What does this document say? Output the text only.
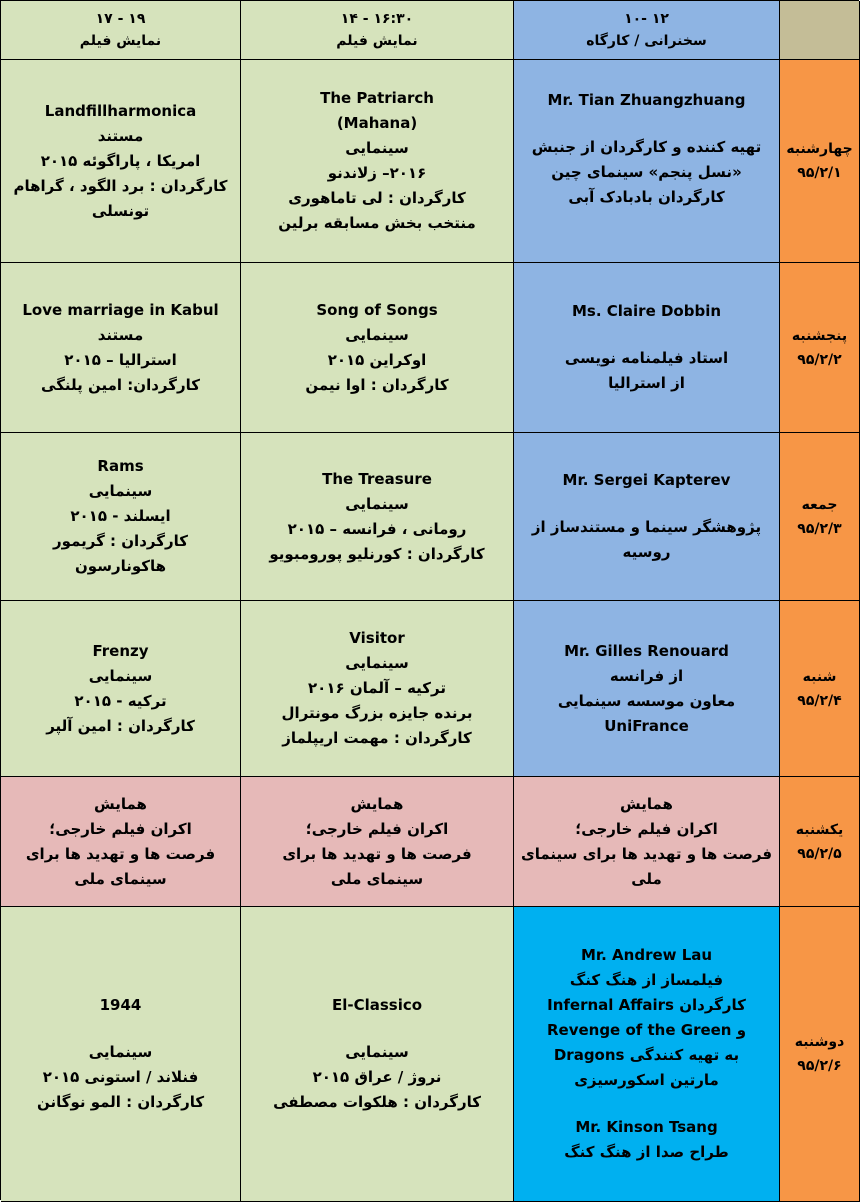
۱۹ - ۱۷
نمایش فیلم
۱۶:۳۰ - ۱۴
نمایش فیلم
۱۲ -۱۰
سخنرانی / کارگاه
Landfillharmonica
مستند
امریکا ، پاراگوئه ۲۰۱۵
کارگردان : برد الگود ، گراهام
تونسلی
The Patriarch
(Mahana)
سینمایی
۲۰۱۶– زلاندنو
کارگردان : لی تاماهوری
منتخب بخش مسابقه برلین
Mr. Tian Zhuangzhuang
تهیه کننده و کارگردان از جنبش
«نسل پنجم» سینمای چین
کارگردان بادبادک آبی
چهارشنبه
۹۵/۲/۱
Love marriage in Kabul
مستند
استرالیا – ۲۰۱۵
کارگردان: امین پلنگی
Song of Songs
سینمایی
اوکراین ۲۰۱۵
کارگردان : اوا نیمن
Ms. Claire Dobbin
استاد فیلمنامه نویسی
از استرالیا
پنجشنبه
۹۵/۲/۲
Rams
سینمایی
ایسلند - ۲۰۱۵
کارگردان : گریمور هاکونارسون
The Treasure
سینمایی
رومانی ، فرانسه – ۲۰۱۵
کارگردان : کورنلیو پورومبویو
Mr. Sergei Kapterev
پژوهشگر سینما و مستندساز از
روسیه
جمعه
۹۵/۲/۳
Frenzy
سینمایی
ترکیه - ۲۰۱۵
کارگردان : امین آلپر
Visitor
سینمایی
ترکیه – آلمان ۲۰۱۶
برنده جایزه بزرگ مونترال
کارگردان : مهمت اریپلماز
Mr. Gilles Renouard
از فرانسه
معاون موسسه سینمایی
UniFrance
شنبه
۹۵/۲/۴
همایش
اکران فیلم خارجی؛
فرصت ها و تهدید ها برای
سینمای ملی
همایش
اکران فیلم خارجی؛
فرصت ها و تهدید ها برای
سینمای ملی
همایش
اکران فیلم خارجی؛
فرصت ها و تهدید ها برای سینمای
ملی
یکشنبه
۹۵/۲/۵
1944
سینمایی
فنلاند / استونی ۲۰۱۵
کارگردان : المو نوگانن
El-Classico
سینمایی
نروژ / عراق ۲۰۱۵
کارگردان : هلکوات مصطفی
Mr. Andrew Lau
فیلمساز از هنگ کنگ
کارگردان Infernal Affairs
و Revenge of the Green
به تهیه کنندگی Dragons
مارتین اسکورسیزی
Mr. Kinson Tsang
طراح صدا از هنگ کنگ
دوشنبه
۹۵/۲/۶
